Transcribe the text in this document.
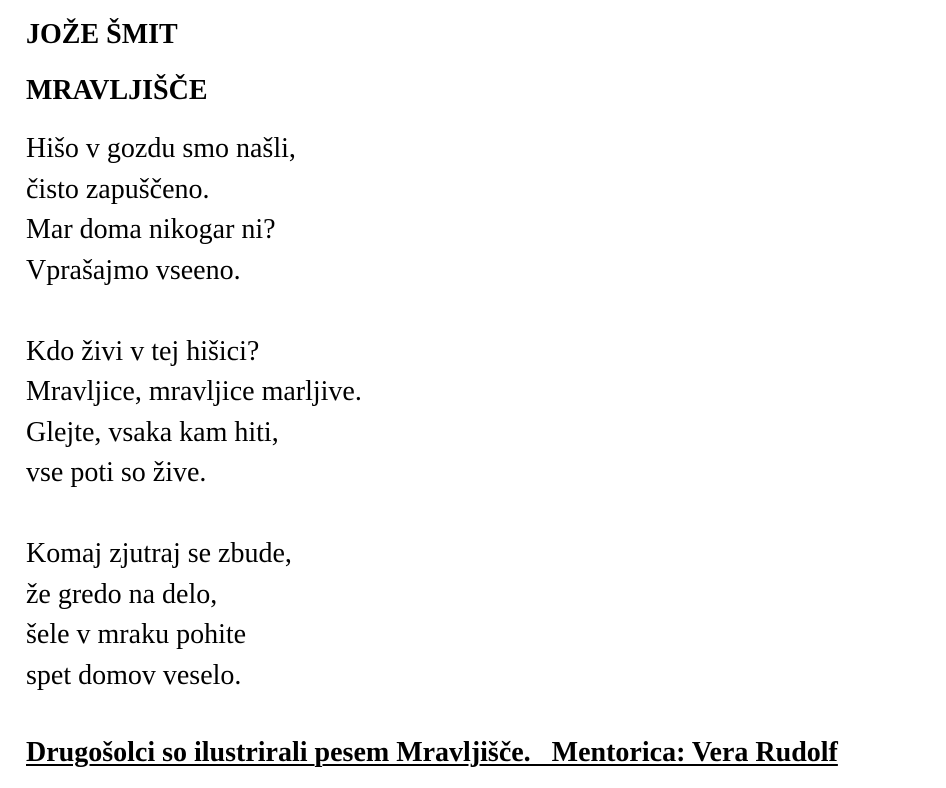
JOŽE ŠMIT
MRAVLJIŠČE
Hišo v gozdu smo našli,
čisto zapuščeno.
Mar doma nikogar ni?
Vprašajmo vseeno.
Kdo živi v tej hišici?
Mravljice, mravljice marljive.
Glejte, vsaka kam hiti,
vse poti so žive.
Komaj zjutraj se zbude,
že gredo na delo,
šele v mraku pohite
spet domov veselo.
Drugošolci so ilustrirali pesem Mravljišče.   Mentorica: Vera Rudolf
